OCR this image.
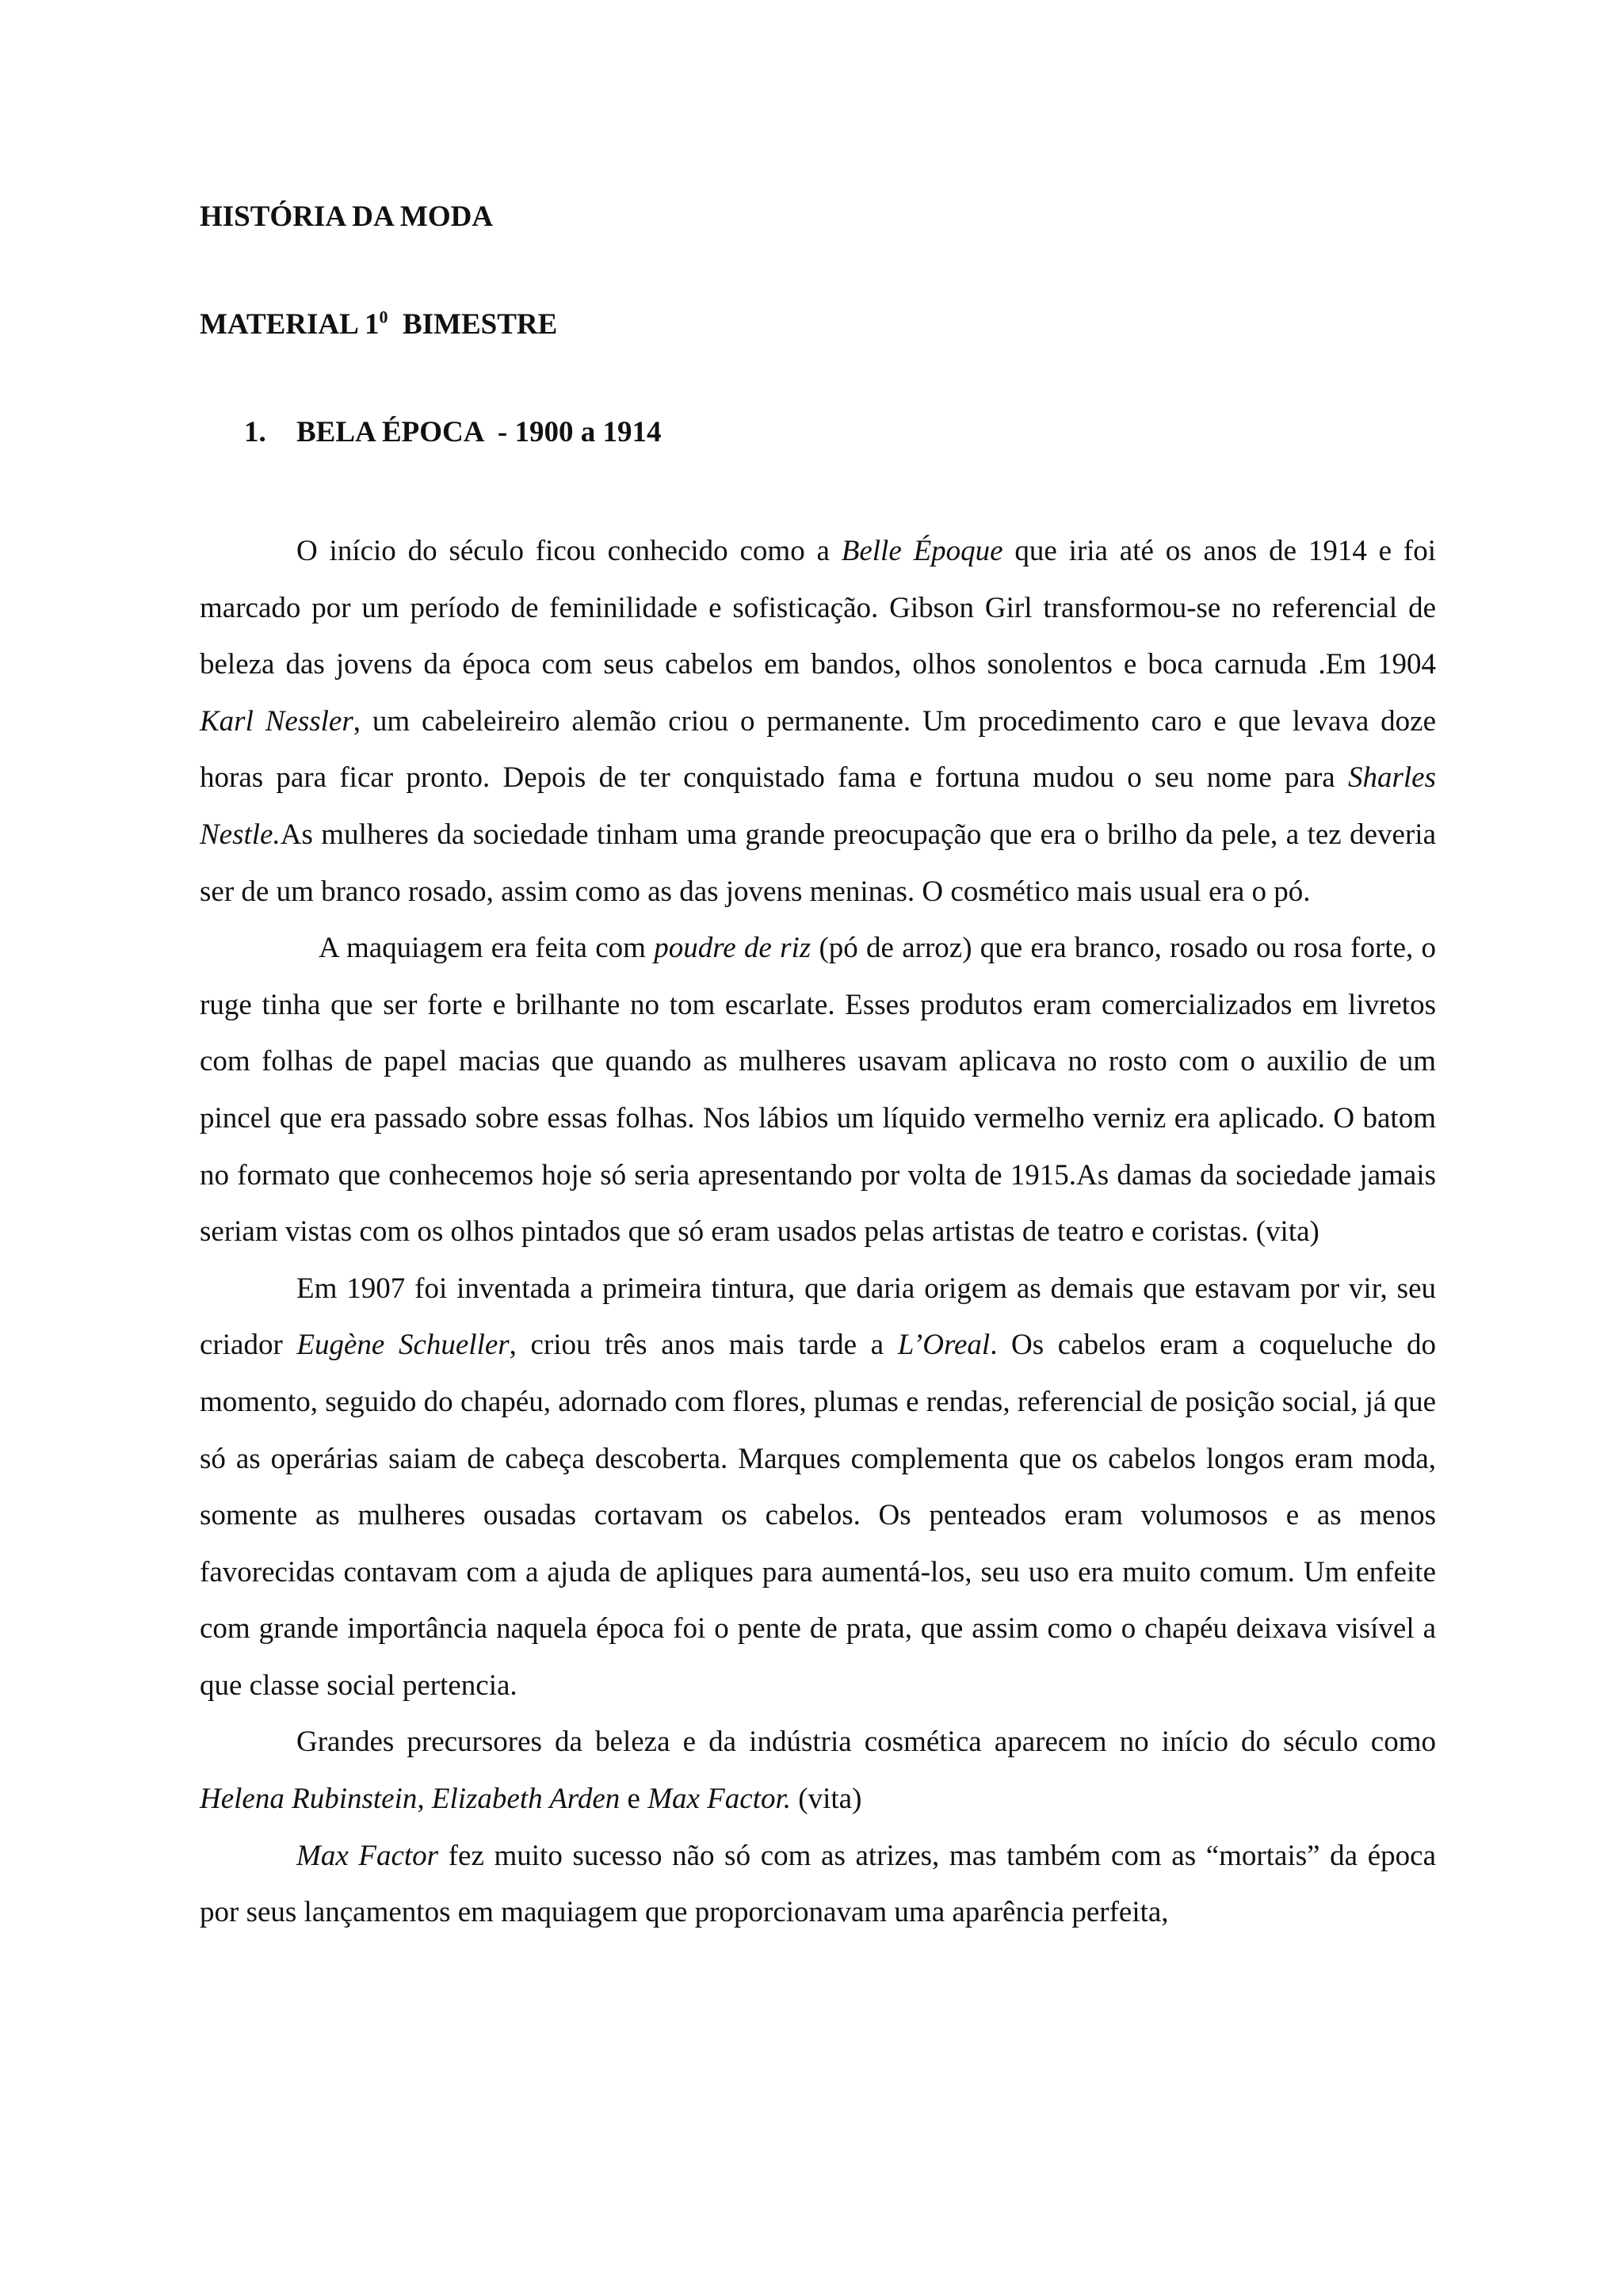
HISTÓRIA DA MODA

MATERIAL $1^0$  BIMESTRE

1. BELA ÉPOCA  - 1900 a 1914

O início do século ficou conhecido como a Belle Époque que iria até os anos de 1914 e foi marcado por um período de feminilidade e sofisticação. Gibson Girl transformou-se no referencial de beleza das jovens da época com seus cabelos em bandos, olhos sonolentos e boca carnuda .Em 1904 Karl Nessler, um cabeleireiro alemão criou o permanente. Um procedimento caro e que levava doze horas para ficar pronto. Depois de ter conquistado fama e fortuna mudou o seu nome para Sharles Nestle.As mulheres da sociedade tinham uma grande preocupação que era o brilho da pele, a tez deveria ser de um branco rosado, assim como as das jovens meninas. O cosmético mais usual era o pó.

A maquiagem era feita com poudre de riz (pó de arroz) que era branco, rosado ou rosa forte, o ruge tinha que ser forte e brilhante no tom escarlate. Esses produtos eram comercializados em livretos com folhas de papel macias que quando as mulheres usavam aplicava no rosto com o auxilio de um pincel que era passado sobre essas folhas. Nos lábios um líquido vermelho verniz era aplicado. O batom no formato que conhecemos hoje só seria apresentando por volta de 1915.As damas da sociedade jamais seriam vistas com os olhos pintados que só eram usados pelas artistas de teatro e coristas. (vita)

Em 1907 foi inventada a primeira tintura, que daria origem as demais que estavam por vir, seu criador Eugène Schueller, criou três anos mais tarde a L’Oreal. Os cabelos eram a coqueluche do momento, seguido do chapéu, adornado com flores, plumas e rendas, referencial de posição social, já que só as operárias saiam de cabeça descoberta. Marques complementa que os cabelos longos eram moda, somente as mulheres ousadas cortavam os cabelos. Os penteados eram volumosos e as menos favorecidas contavam com a ajuda de apliques para aumentá-los, seu uso era muito comum. Um enfeite com grande importância naquela época foi o pente de prata, que assim como o chapéu deixava visível a que classe social pertencia.

Grandes precursores da beleza e da indústria cosmética aparecem no início do século como Helena Rubinstein, Elizabeth Arden e Max Factor. (vita)

Max Factor fez muito sucesso não só com as atrizes, mas também com as “mortais” da época por seus lançamentos em maquiagem que proporcionavam uma aparência perfeita,
